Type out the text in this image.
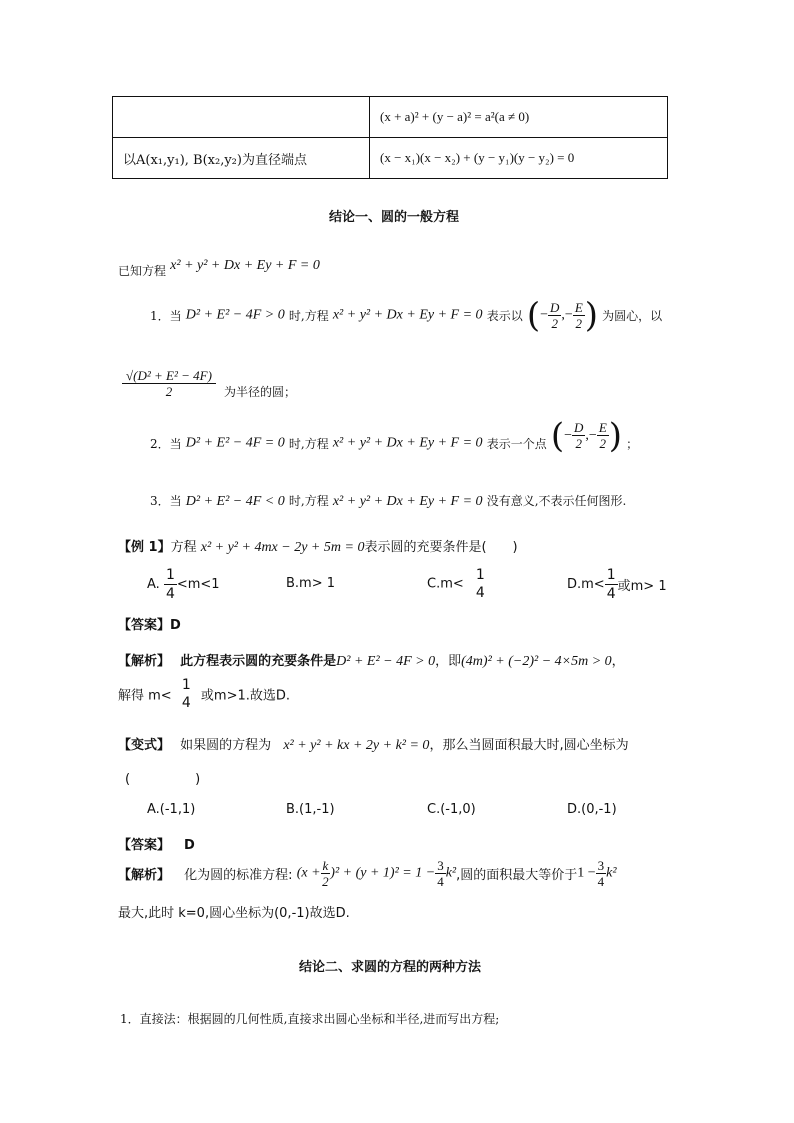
	(x + a)² + (y − a)² = a²(a ≠ 0)
以A(x₁,y₁), B(x₂,y₂)为直径端点	(x − x₁)(x − x₂) + (y − y₁)(y − y₂) = 0
结论一、圆的一般方程
已知方程 x² + y² + Dx + Ey + F = 0
1．当 D² + E² − 4F > 0 时,方程 x² + y² + Dx + Ey + F = 0 表示以 (− $\frac{D}{2}$ ,− $\frac{E}{2}$ ) 为圆心，以
$\frac{\text{√(D² + E² − 4F)}}{2}$ 为半径的圆；
2．当 D² + E² − 4F = 0 时,方程 x² + y² + Dx + Ey + F = 0 表示一个点 (− $\frac{D}{2}$ ,− $\frac{E}{2}$ ) ；
3．当 D² + E² − 4F < 0 时,方程 x² + y² + Dx + Ey + F = 0 没有意义,不表示任何图形.
【例 1】方程 x² + y² + 4mx − 2y + 5m = 0表示圆的充要条件是(　　)
A. $\frac{1}{4} <m<1$	B.m> 1	C.m<
1
4
$D.m< \frac{1}{4}$ 或m> 1
【答案】D
【解析】 此方程表示圆的充要条件是D² + E² − 4F > 0，即(4m)² + (−2)² − 4×5m > 0，
解得 m<
1
4 或m>1.故选D.
【变式】 如果圆的方程为 x² + y² + kx + 2y + k² = 0，那么当圆面积最大时,圆心坐标为
(　　　　　)
A.(-1,1)	B.(1,-1)	C.(-1,0)	D.(0,-1)
【答案】 D
【解析】 化为圆的标准方程: $(x + \frac{k}{2} )^2 + (y + 1)^2 = 1 - \frac{3}{4} k^2$,圆的面积最大等价于$1 - \frac{3}{4} k^2$
最大,此时 k=0,圆心坐标为(0,-1)故选D.
结论二、求圆的方程的两种方法
1．直接法：根据圆的几何性质,直接求出圆心坐标和半径,进而写出方程;
